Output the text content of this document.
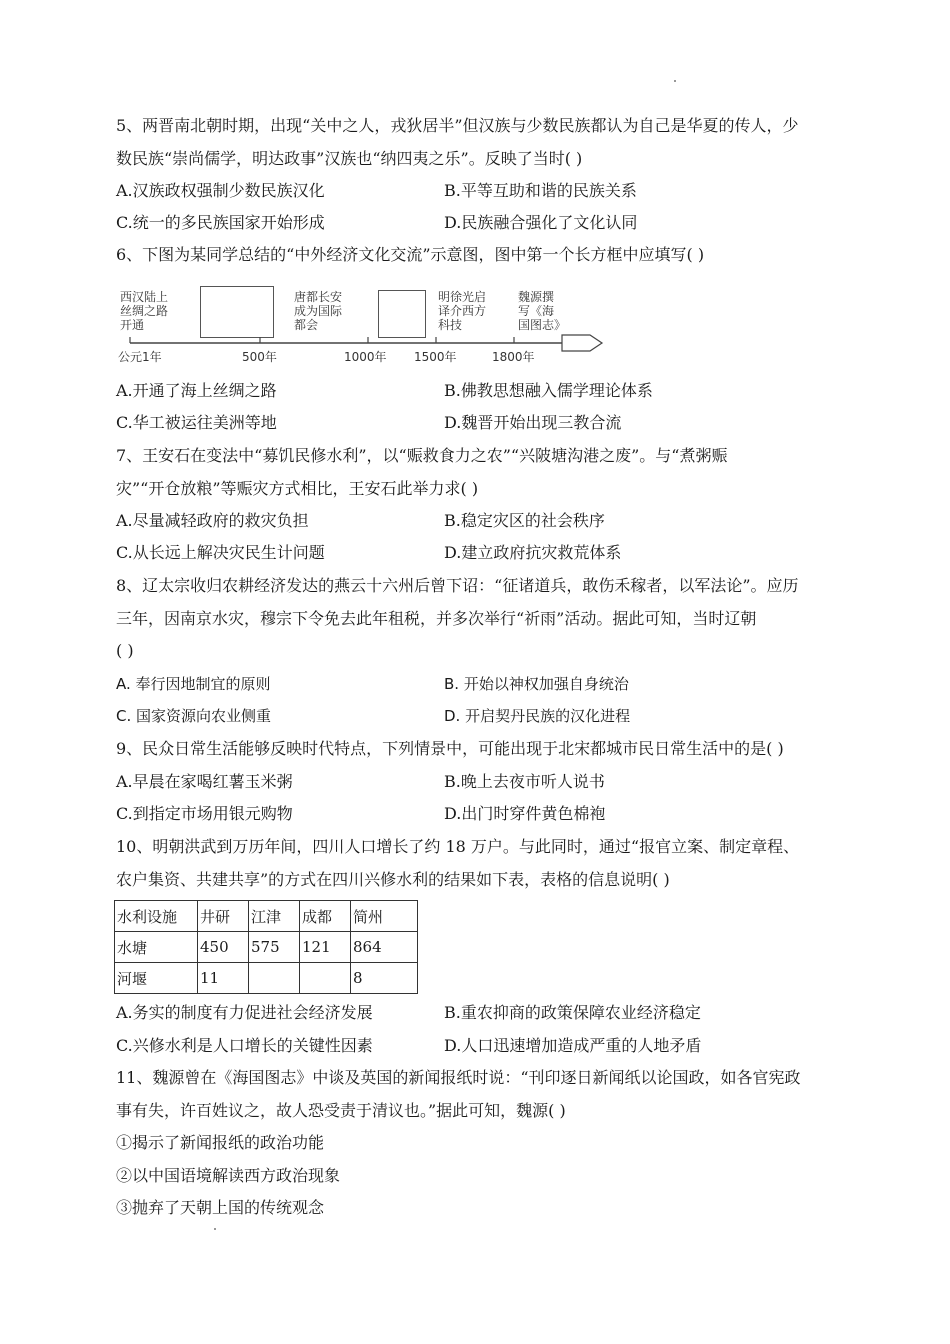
5、两晋南北朝时期，出现“关中之人，戎狄居半”但汉族与少数民族都认为自己是华夏的传人，少
数民族“崇尚儒学，明达政事”汉族也“纳四夷之乐”。反映了当时( )
A.汉族政权强制少数民族汉化	B.平等互助和谐的民族关系
C.统一的多民族国家开始形成	D.民族融合强化了文化认同
6、下图为某同学总结的“中外经济文化交流”示意图，图中第一个长方框中应填写( )
西汉陆上
丝绸之路
开通
唐都长安
成为国际
都会
明徐光启
译介西方
科技
魏源撰
写《海
国图志》
公元1年	500年	1000年 1500年	1800年
A.开通了海上丝绸之路	B.佛教思想融入儒学理论体系
C.华工被运往美洲等地	D.魏晋开始出现三教合流
7、王安石在变法中“募饥民修水利”，以“赈救食力之农”“兴陂塘沟港之废”。与“煮粥赈
灾”“开仓放粮”等赈灾方式相比，王安石此举力求( )
A.尽量减轻政府的救灾负担	B.稳定灾区的社会秩序
C.从长远上解决灾民生计问题	D.建立政府抗灾救荒体系
8、辽太宗收归农耕经济发达的燕云十六州后曾下诏：“征诸道兵，敢伤禾稼者，以军法论”。应历
三年，因南京水灾，穆宗下令免去此年租税，并多次举行“祈雨”活动。据此可知，当时辽朝
( )
A. 奉行因地制宜的原则	B. 开始以神权加强自身统治
C. 国家资源向农业侧重	D. 开启契丹民族的汉化进程
9、民众日常生活能够反映时代特点，下列情景中，可能出现于北宋都城市民日常生活中的是( )
A.早晨在家喝红薯玉米粥	B.晚上去夜市听人说书
C.到指定市场用银元购物	D.出门时穿件黄色棉袍
10、明朝洪武到万历年间，四川人口增长了约 18 万户。与此同时，通过“报官立案、制定章程、
农户集资、共建共享”的方式在四川兴修水利的结果如下表，表格的信息说明( )
水利设施	井研	江津	成都	简州
水塘	450	575	121	864
河堰	11			8
A.务实的制度有力促进社会经济发展	B.重农抑商的政策保障农业经济稳定
C.兴修水利是人口增长的关键性因素	D.人口迅速增加造成严重的人地矛盾
11、魏源曾在《海国图志》中谈及英国的新闻报纸时说：“刊印逐日新闻纸以论国政，如各官宪政
事有失，许百姓议之，故人恐受责于清议也。”据此可知，魏源( )
①揭示了新闻报纸的政治功能
②以中国语境解读西方政治现象
③抛弃了天朝上国的传统观念
